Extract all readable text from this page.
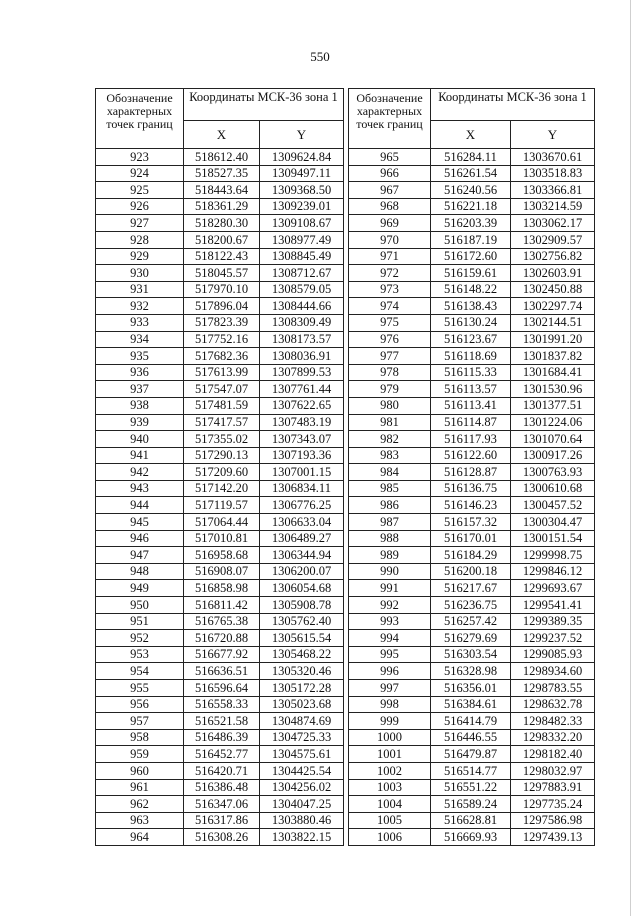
550
Обозначение характерных точек границ	Координаты МСК-36 зона 1	
	X	Y
923	518612.40	1309624.84
924	518527.35	1309497.11
925	518443.64	1309368.50
926	518361.29	1309239.01
927	518280.30	1309108.67
928	518200.67	1308977.49
929	518122.43	1308845.49
930	518045.57	1308712.67
931	517970.10	1308579.05
932	517896.04	1308444.66
933	517823.39	1308309.49
934	517752.16	1308173.57
935	517682.36	1308036.91
936	517613.99	1307899.53
937	517547.07	1307761.44
938	517481.59	1307622.65
939	517417.57	1307483.19
940	517355.02	1307343.07
941	517290.13	1307193.36
942	517209.60	1307001.15
943	517142.20	1306834.11
944	517119.57	1306776.25
945	517064.44	1306633.04
946	517010.81	1306489.27
947	516958.68	1306344.94
948	516908.07	1306200.07
949	516858.98	1306054.68
950	516811.42	1305908.78
951	516765.38	1305762.40
952	516720.88	1305615.54
953	516677.92	1305468.22
954	516636.51	1305320.46
955	516596.64	1305172.28
956	516558.33	1305023.68
957	516521.58	1304874.69
958	516486.39	1304725.33
959	516452.77	1304575.61
960	516420.71	1304425.54
961	516386.48	1304256.02
962	516347.06	1304047.25
963	516317.86	1303880.46
964	516308.26	1303822.15
Обозначение характерных точек границ	Координаты МСК-36 зона 1	
	X	Y
965	516284.11	1303670.61
966	516261.54	1303518.83
967	516240.56	1303366.81
968	516221.18	1303214.59
969	516203.39	1303062.17
970	516187.19	1302909.57
971	516172.60	1302756.82
972	516159.61	1302603.91
973	516148.22	1302450.88
974	516138.43	1302297.74
975	516130.24	1302144.51
976	516123.67	1301991.20
977	516118.69	1301837.82
978	516115.33	1301684.41
979	516113.57	1301530.96
980	516113.41	1301377.51
981	516114.87	1301224.06
982	516117.93	1301070.64
983	516122.60	1300917.26
984	516128.87	1300763.93
985	516136.75	1300610.68
986	516146.23	1300457.52
987	516157.32	1300304.47
988	516170.01	1300151.54
989	516184.29	1299998.75
990	516200.18	1299846.12
991	516217.67	1299693.67
992	516236.75	1299541.41
993	516257.42	1299389.35
994	516279.69	1299237.52
995	516303.54	1299085.93
996	516328.98	1298934.60
997	516356.01	1298783.55
998	516384.61	1298632.78
999	516414.79	1298482.33
1000	516446.55	1298332.20
1001	516479.87	1298182.40
1002	516514.77	1298032.97
1003	516551.22	1297883.91
1004	516589.24	1297735.24
1005	516628.81	1297586.98
1006	516669.93	1297439.13
